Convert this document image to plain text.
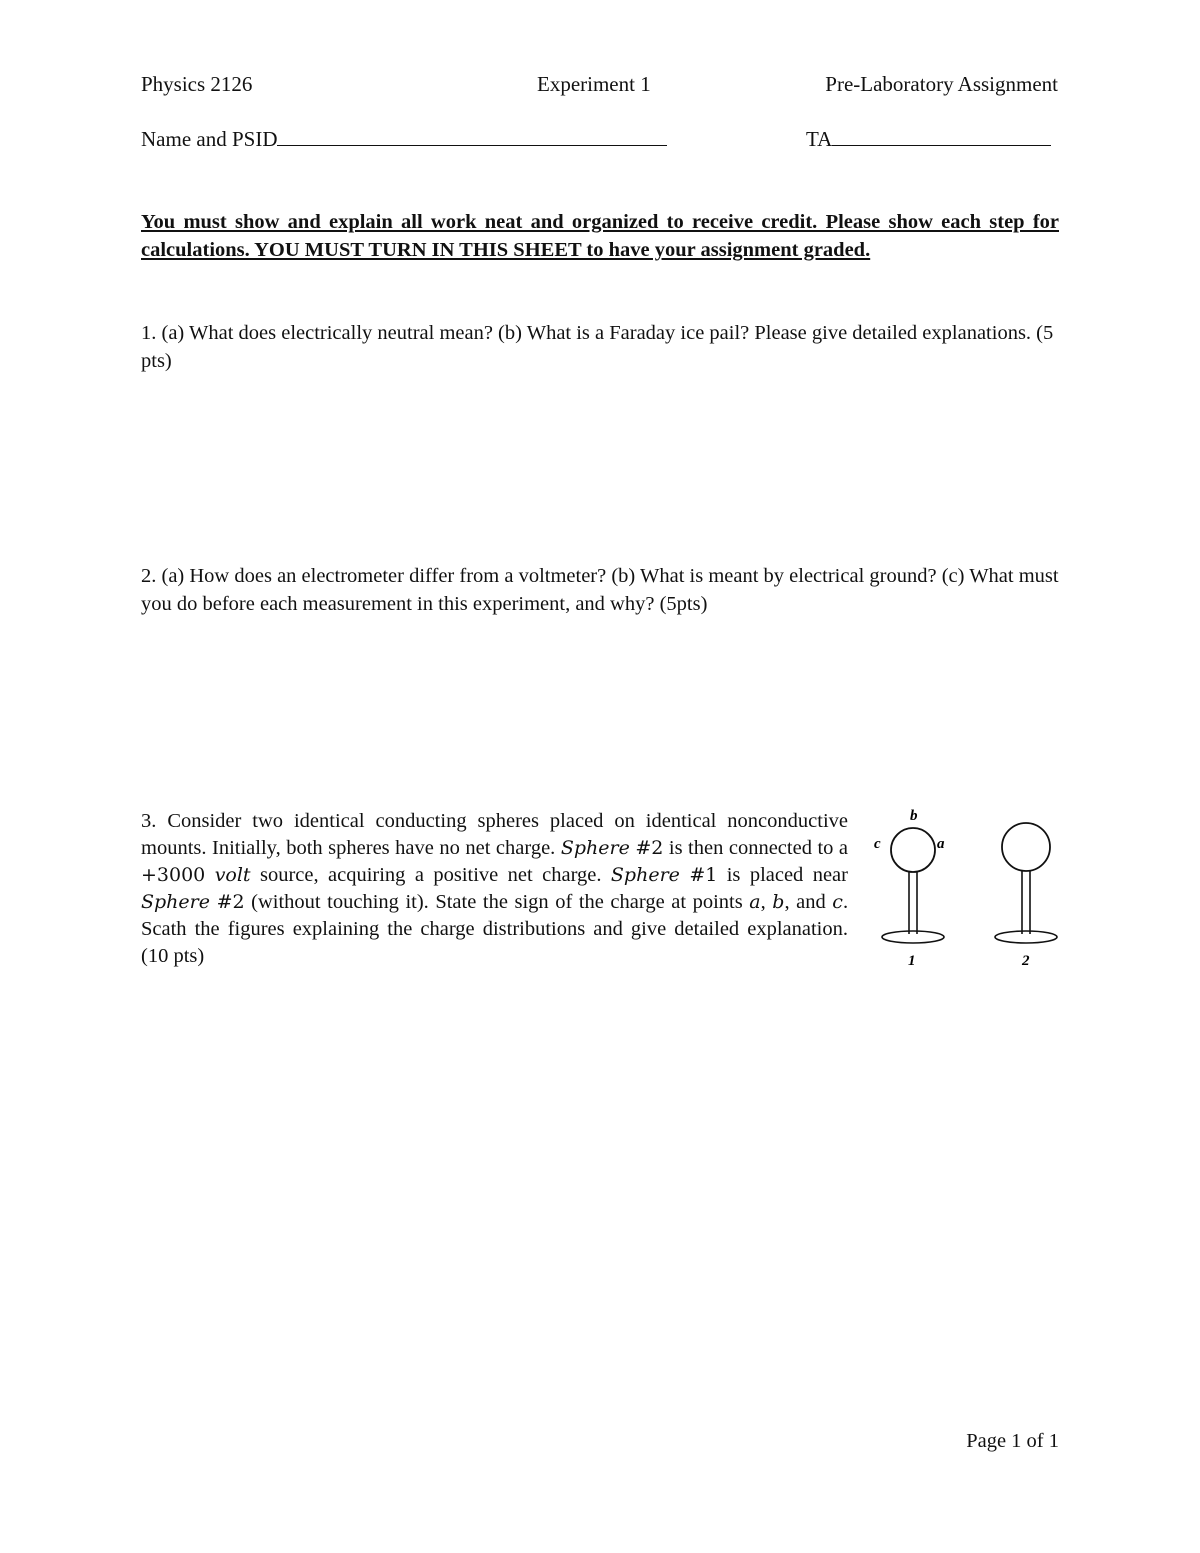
Physics 2126	Experiment 1	Pre-Laboratory Assignment
Name and PSID	TA
You must show and explain all work neat and organized to receive credit. Please show each step for calculations. YOU MUST TURN IN THIS SHEET to have your assignment graded.
1. (a) What does electrically neutral mean? (b) What is a Faraday ice pail? Please give detailed explanations. (5 pts)
2. (a) How does an electrometer differ from a voltmeter? (b) What is meant by electrical ground? (c) What must you do before each measurement in this experiment, and why? (5pts)
3. Consider two identical conducting spheres placed on identical nonconductive mounts. Initially, both spheres have no net charge. Sphere #2 is then connected to a +3000 volt source, acquiring a positive net charge. Sphere #1 is placed near Sphere #2 (without touching it). State the sign of the charge at points a, b, and c. Scath the figures explaining the charge distributions and give detailed explanation. (10 pts)
b
c	a
1	2
Page 1 of 1
